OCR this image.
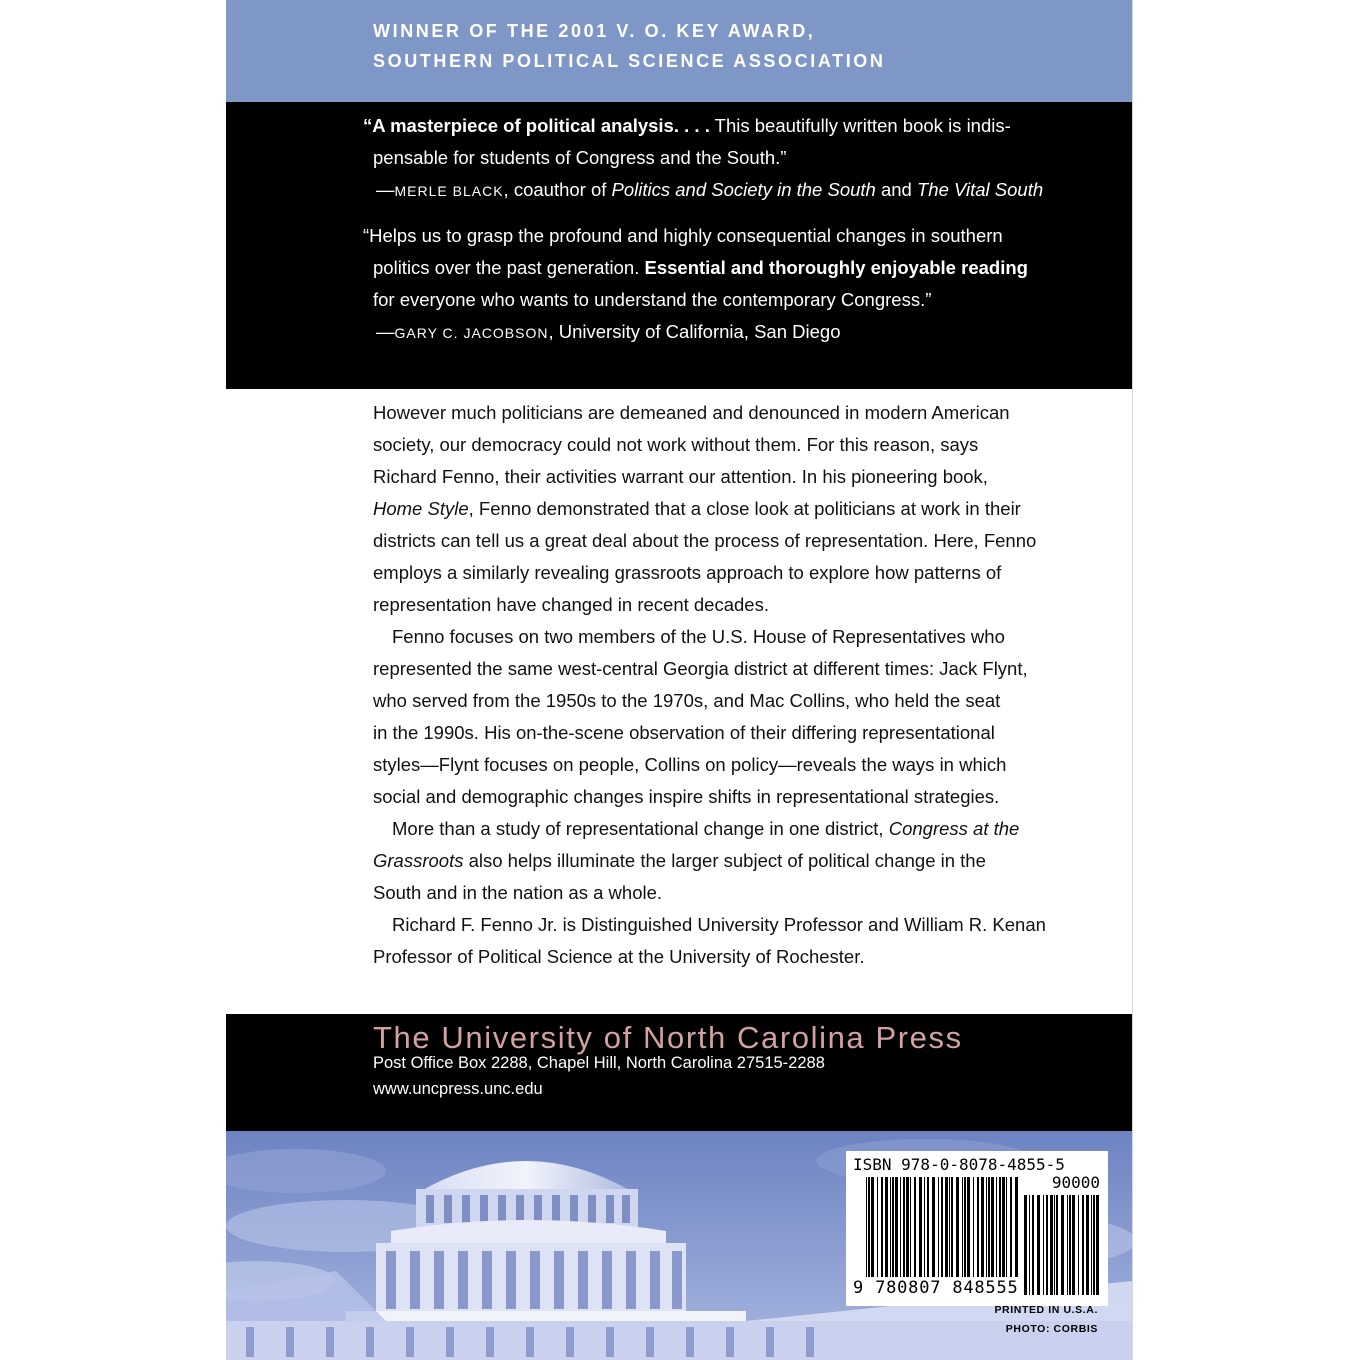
WINNER OF THE 2001 V. O. KEY AWARD,
SOUTHERN POLITICAL SCIENCE ASSOCIATION
“A masterpiece of political analysis. . . . This beautifully written book is indis-
pensable for students of Congress and the South.”
—MERLE BLACK, coauthor of Politics and Society in the South and The Vital South
“Helps us to grasp the profound and highly consequential changes in southern
politics over the past generation. Essential and thoroughly enjoyable reading
for everyone who wants to understand the contemporary Congress.”
—GARY C. JACOBSON, University of California, San Diego
However much politicians are demeaned and denounced in modern American
society, our democracy could not work without them. For this reason, says
Richard Fenno, their activities warrant our attention. In his pioneering book,
Home Style, Fenno demonstrated that a close look at politicians at work in their
districts can tell us a great deal about the process of representation. Here, Fenno
employs a similarly revealing grassroots approach to explore how patterns of
representation have changed in recent decades.
Fenno focuses on two members of the U.S. House of Representatives who
represented the same west-central Georgia district at different times: Jack Flynt,
who served from the 1950s to the 1970s, and Mac Collins, who held the seat
in the 1990s. His on-the-scene observation of their differing representational
styles—Flynt focuses on people, Collins on policy—reveals the ways in which
social and demographic changes inspire shifts in representational strategies.
More than a study of representational change in one district, Congress at the
Grassroots also helps illuminate the larger subject of political change in the
South and in the nation as a whole.
Richard F. Fenno Jr. is Distinguished University Professor and William R. Kenan
Professor of Political Science at the University of Rochester.
The University of North Carolina Press
Post Office Box 2288, Chapel Hill, North Carolina 27515-2288
www.uncpress.unc.edu
ISBN 978-0-8078-4855-5
90000
9 780807 848555
PRINTED IN U.S.A.
PHOTO: CORBIS
